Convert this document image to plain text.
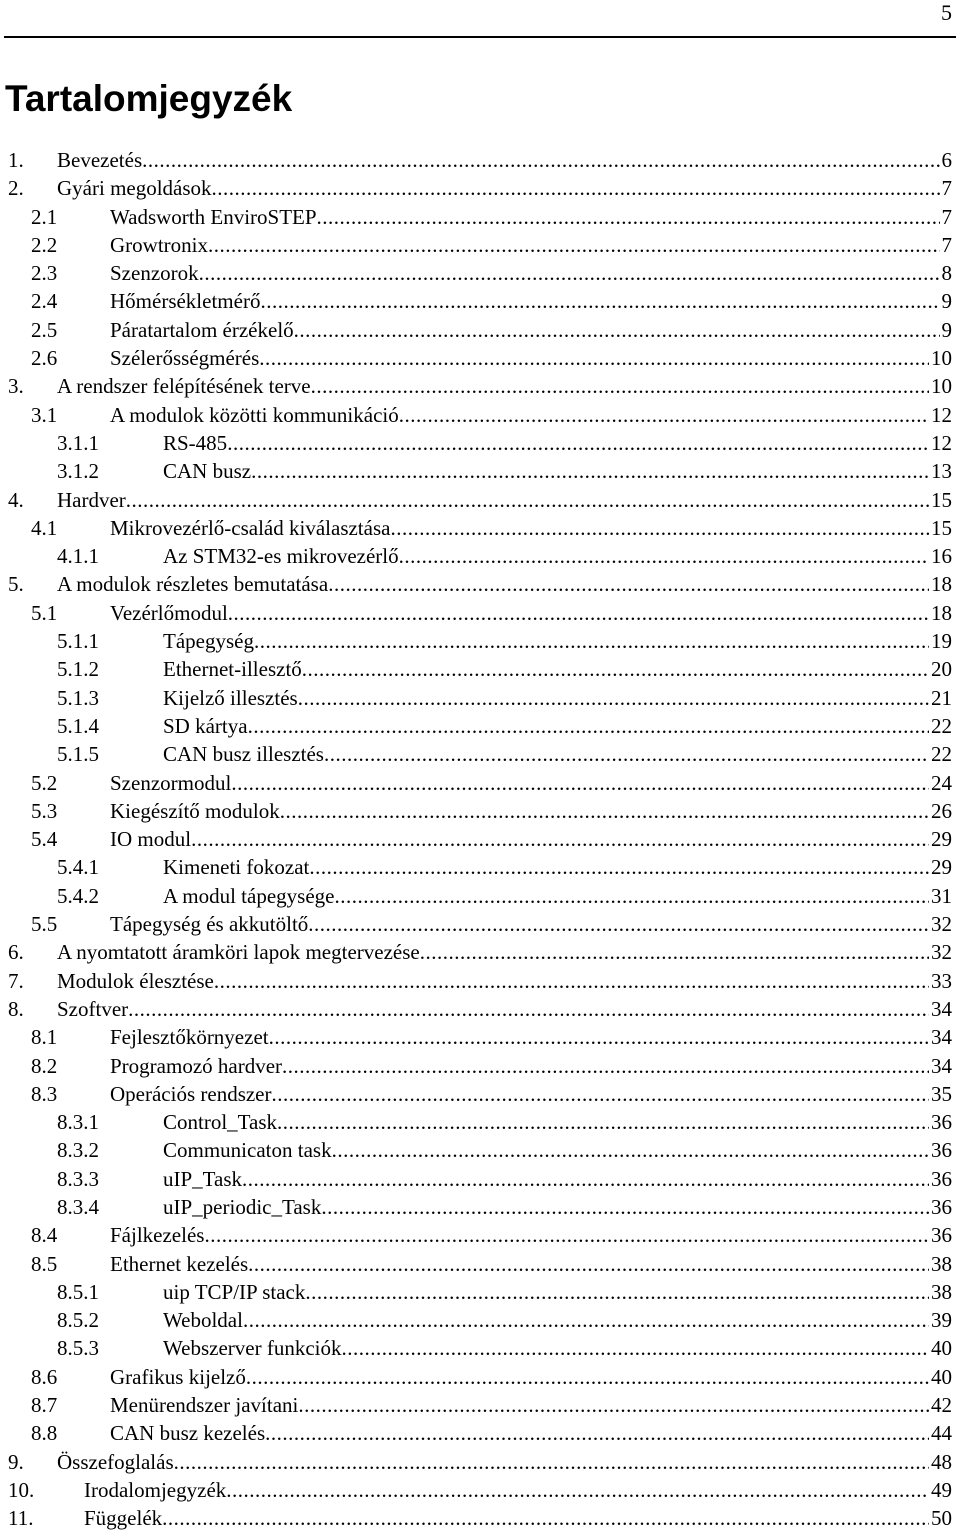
5
Tartalomjegyzék
1. Bevezetés .....	6
2. Gyári megoldások .....	7
2.1	Wadsworth EnviroSTEP .....	7
2.2	Growtronix .....	7
2.3	Szenzorok .....	8
2.4	Hőmérsékletmérő .....	9
2.5	Páratartalom érzékelő .....	9
2.6	Szélerősségmérés .....	10
3. A rendszer felépítésének terve .....	10
3.1	A modulok közötti kommunikáció .....	12
3.1.1	RS-485 .....	12
3.1.2	CAN busz .....	13
4. Hardver .....	15
4.1	Mikrovezérlő-család kiválasztása .....	15
4.1.1	Az STM32-es mikrovezérlő .....	16
5. A modulok részletes bemutatása .....	18
5.1	Vezérlőmodul .....	18
5.1.1	Tápegység .....	19
5.1.2	Ethernet-illesztő .....	20
5.1.3	Kijelző illesztés .....	21
5.1.4	SD kártya .....	22
5.1.5	CAN busz illesztés .....	22
5.2	Szenzormodul .....	24
5.3	Kiegészítő modulok .....	26
5.4	IO modul .....	29
5.4.1	Kimeneti fokozat .....	29
5.4.2	A modul tápegysége .....	31
5.5	Tápegység és akkutöltő .....	32
6. A nyomtatott áramköri lapok megtervezése .....	32
7. Modulok élesztése .....	33
8. Szoftver .....	34
8.1	Fejlesztőkörnyezet .....	34
8.2	Programozó hardver .....	34
8.3	Operációs rendszer .....	35
8.3.1	Control_Task .....	36
8.3.2	Communicaton task .....	36
8.3.3	uIP_Task .....	36
8.3.4	uIP_periodic_Task .....	36
8.4	Fájlkezelés .....	36
8.5	Ethernet kezelés .....	38
8.5.1	uip TCP/IP stack .....	38
8.5.2	Weboldal .....	39
8.5.3	Webszerver funkciók .....	40
8.6	Grafikus kijelző .....	40
8.7	Menürendszer javítani .....	42
8.8	CAN busz kezelés .....	44
9. Összefoglalás .....	48
10. Irodalomjegyzék .....	49
11. Függelék .....	50
